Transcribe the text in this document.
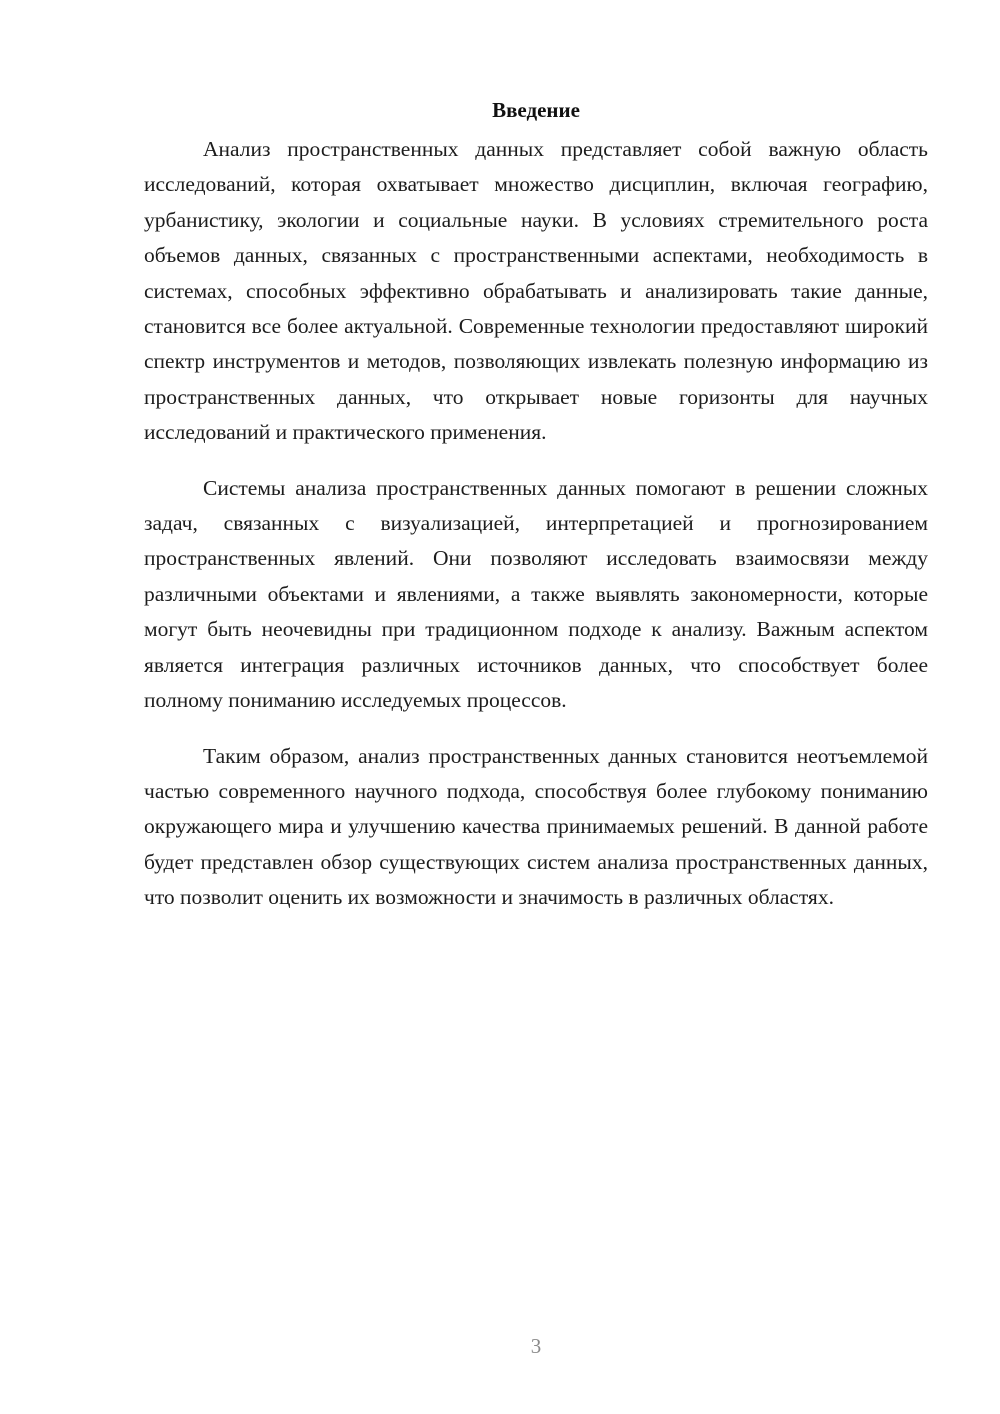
Введение

Анализ пространственных данных представляет собой важную область исследований, которая охватывает множество дисциплин, включая географию, урбанистику, экологии и социальные науки. В условиях стремительного роста объемов данных, связанных с пространственными аспектами, необходимость в системах, способных эффективно обрабатывать и анализировать такие данные, становится все более актуальной. Современные технологии предоставляют широкий спектр инструментов и методов, позволяющих извлекать полезную информацию из пространственных данных, что открывает новые горизонты для научных исследований и практического применения.

Системы анализа пространственных данных помогают в решении сложных задач, связанных с визуализацией, интерпретацией и прогнозированием пространственных явлений. Они позволяют исследовать взаимосвязи между различными объектами и явлениями, а также выявлять закономерности, которые могут быть неочевидны при традиционном подходе к анализу. Важным аспектом является интеграция различных источников данных, что способствует более полному пониманию исследуемых процессов.

Таким образом, анализ пространственных данных становится неотъемлемой частью современного научного подхода, способствуя более глубокому пониманию окружающего мира и улучшению качества принимаемых решений. В данной работе будет представлен обзор существующих систем анализа пространственных данных, что позволит оценить их возможности и значимость в различных областях.

3
